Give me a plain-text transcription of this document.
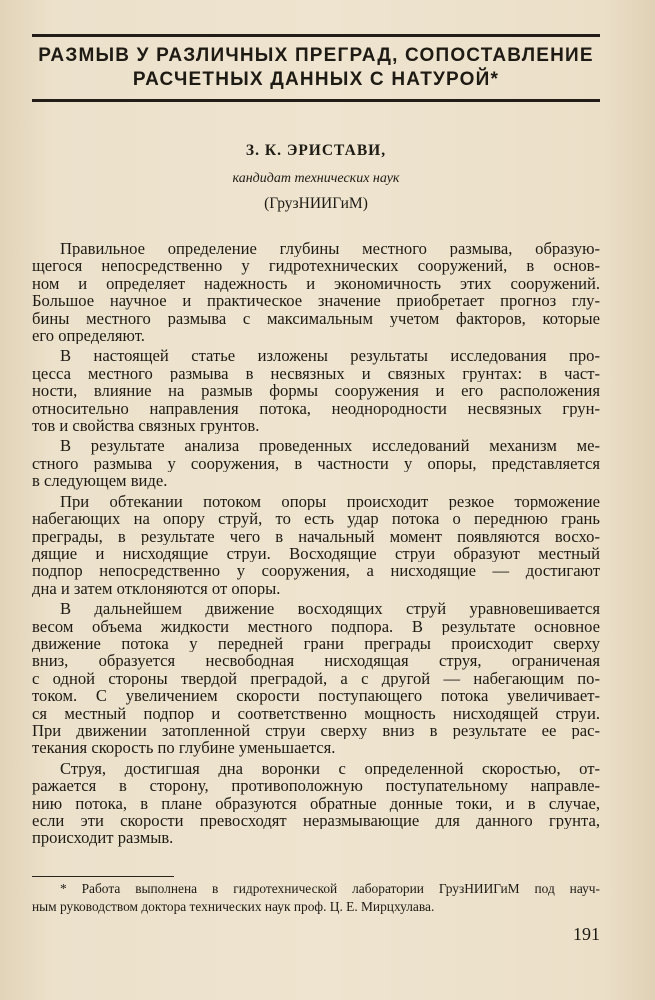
РАЗМЫВ У РАЗЛИЧНЫХ ПРЕГРАД, СОПОСТАВЛЕНИЕ
РАСЧЕТНЫХ ДАННЫХ С НАТУРОЙ*

З. К. ЭРИСТАВИ,

кандидат технических наук

(ГрузНИИГиМ)

Правильное определение глубины местного размыва, образую-
щегося непосредственно у гидротехнических сооружений, в основ-
ном и определяет надежность и экономичность этих сооружений.
Большое научное и практическое значение приобретает прогноз глу-
бины местного размыва с максимальным учетом факторов, которые
его определяют.
В настоящей статье изложены результаты исследования про-
цесса местного размыва в несвязных и связных грунтах: в част-
ности, влияние на размыв формы сооружения и его расположения
относительно направления потока, неоднородности несвязных грун-
тов и свойства связных грунтов.
В результате анализа проведенных исследований механизм ме-
стного размыва у сооружения, в частности у опоры, представляется
в следующем виде.
При обтекании потоком опоры происходит резкое торможение
набегающих на опору струй, то есть удар потока о переднюю грань
преграды, в результате чего в начальный момент появляются восхо-
дящие и нисходящие струи. Восходящие струи образуют местный
подпор непосредственно у сооружения, а нисходящие — достигают
дна и затем отклоняются от опоры.
В дальнейшем движение восходящих струй уравновешивается
весом объема жидкости местного подпора. В результате основное
движение потока у передней грани преграды происходит сверху
вниз, образуется несвободная нисходящая струя, ограниченая
с одной стороны твердой преградой, а с другой — набегающим по-
током. С увеличением скорости поступающего потока увеличивает-
ся местный подпор и соответственно мощность нисходящей струи.
При движении затопленной струи сверху вниз в результате ее рас-
текания скорость по глубине уменьшается.
Струя, достигшая дна воронки с определенной скоростью, от-
ражается в сторону, противоположную поступательному направле-
нию потока, в плане образуются обратные донные токи, и в случае,
если эти скорости превосходят неразмывающие для данного грунта,
происходит размыв.
* Работа выполнена в гидротехнической лаборатории ГрузНИИГиМ под науч-
ным руководством доктора технических наук проф. Ц. Е. Мирцхулава.

191
